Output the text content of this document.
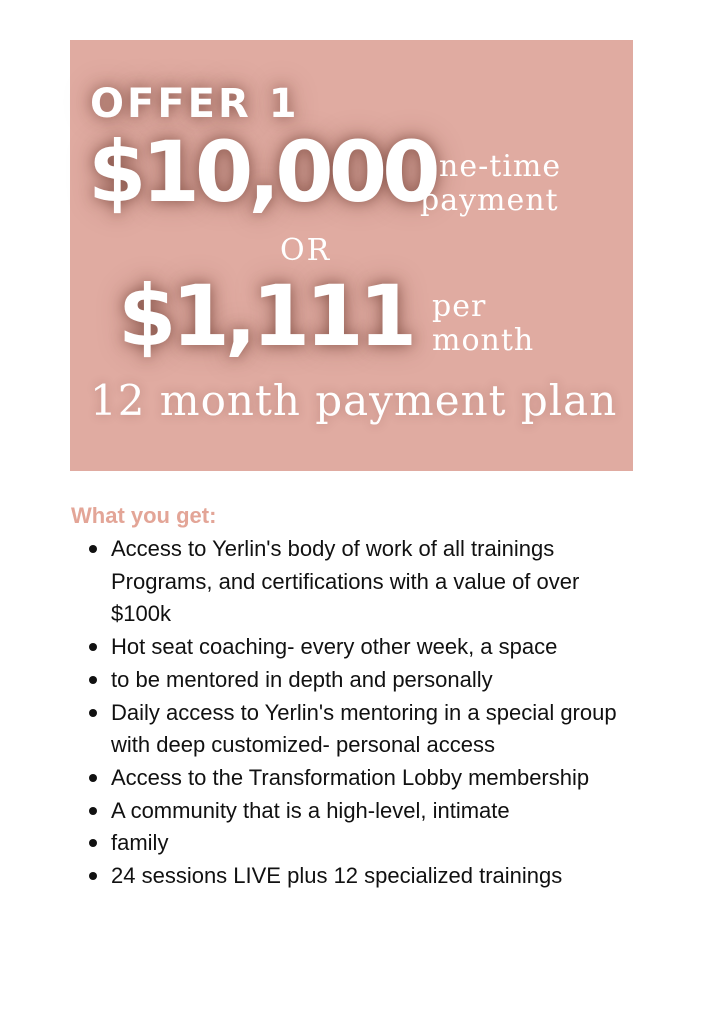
OFFER 1
$10,000
one-time
payment
OR
$1,111 per
month
12 month payment plan
What you get:
Access to Yerlin's body of work of all trainings Programs, and certifications with a value of over $100k
Hot seat coaching- every other week, a space
to be mentored in depth and personally
Daily access to Yerlin's mentoring in a special group with deep customized- personal access
Access to the Transformation Lobby membership
A community that is a high-level, intimate
family
24 sessions LIVE plus 12 specialized trainings
